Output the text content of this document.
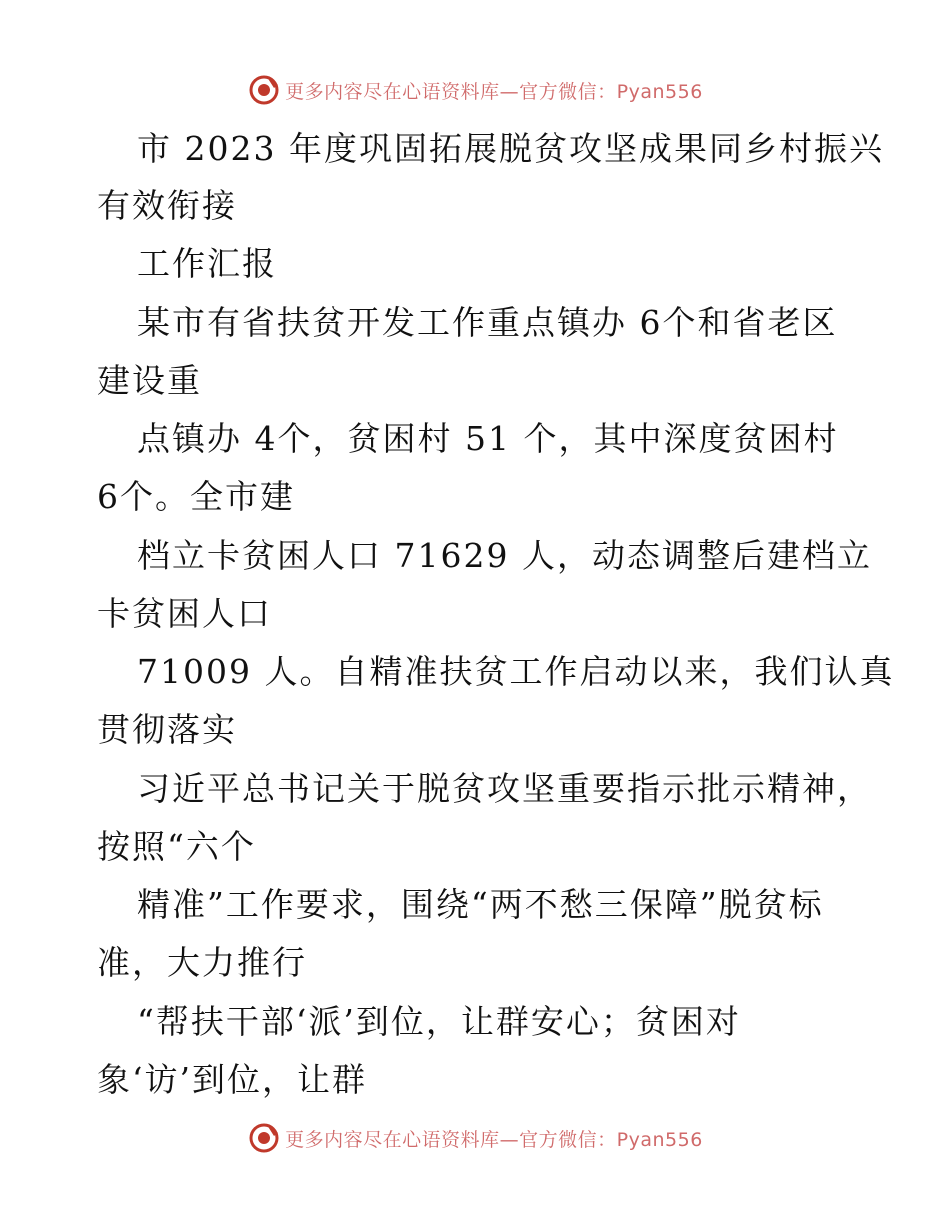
更多内容尽在心语资料库—官方微信：Pyan556
市 2023 年度巩固拓展脱贫攻坚成果同乡村振兴
有效衔接
工作汇报
某市有省扶贫开发工作重点镇办 6个和省老区
建设重
点镇办 4个，贫困村 51 个，其中深度贫困村
6个。全市建
档立卡贫困人口 71629 人，动态调整后建档立
卡贫困人口
71009 人。自精准扶贫工作启动以来，我们认真
贯彻落实
习近平总书记关于脱贫攻坚重要指示批示精神，
按照“六个
精准”工作要求，围绕“两不愁三保障”脱贫标
准，大力推行
“帮扶干部‘派’到位，让群安心；贫困对
象‘访’到位，让群
更多内容尽在心语资料库—官方微信：Pyan556
